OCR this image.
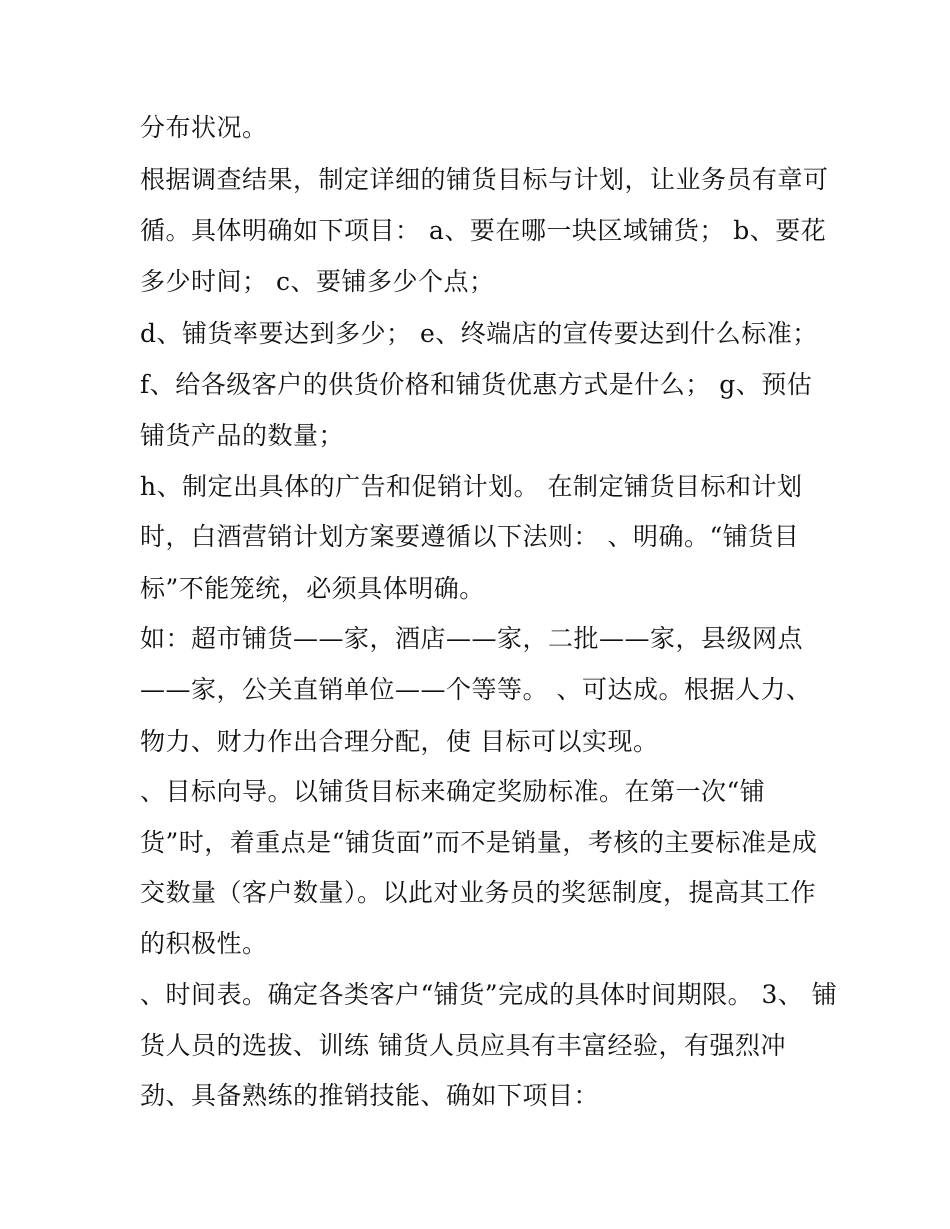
分布状况。
根据调查结果，制定详细的铺货目标与计划，让业务员有章可
循。具体明确如下项目： a、要在哪一块区域铺货； b、要花
多少时间； c、要铺多少个点；
d、铺货率要达到多少； e、终端店的宣传要达到什么标准；
f、给各级客户的供货价格和铺货优惠方式是什么； g、预估
铺货产品的数量；
h、制定出具体的广告和促销计划。 在制定铺货目标和计划
时，白酒营销计划方案要遵循以下法则： 、明确。“铺货目
标”不能笼统，必须具体明确。
如：超市铺货——家，酒店——家，二批——家，县级网点
——家，公关直销单位——个等等。 、可达成。根据人力、
物力、财力作出合理分配，使 目标可以实现。
、目标向导。以铺货目标来确定奖励标准。在第一次“铺
货”时，着重点是“铺货面”而不是销量，考核的主要标准是成
交数量（客户数量）。以此对业务员的奖惩制度，提高其工作
的积极性。
、时间表。确定各类客户“铺货”完成的具体时间期限。 3、 铺
货人员的选拔、训练 铺货人员应具有丰富经验，有强烈冲
劲、具备熟练的推销技能、确如下项目：
